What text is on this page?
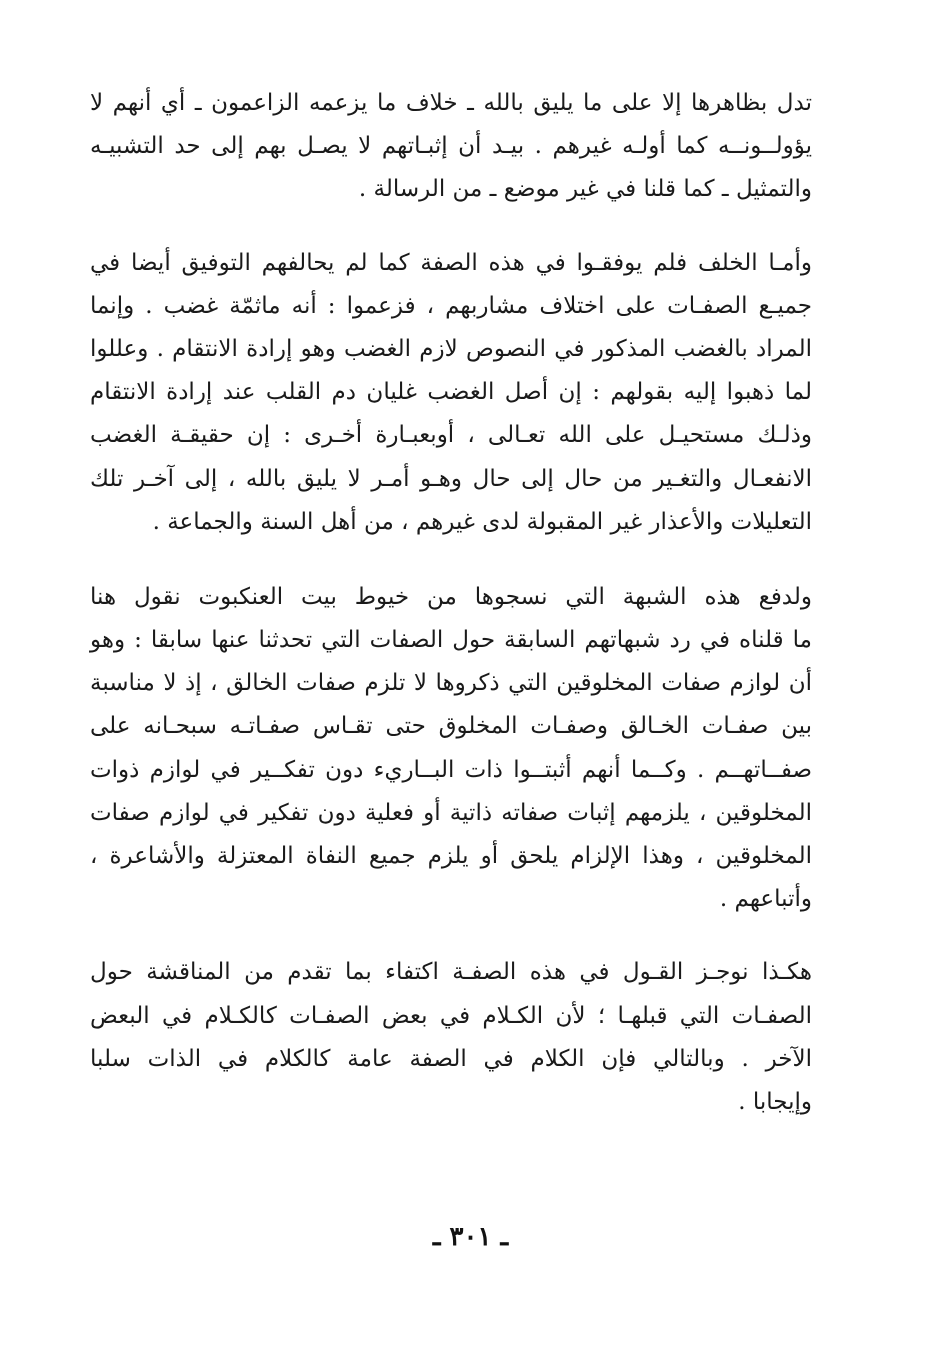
تدل بظاهرها إلا على ما يليق بالله ـ خلاف ما يزعمه الزاعمون ـ أي أنهم لا
يؤولــونــه كما أولـه غيرهم . بيـد أن إثبـاتهم لا يصـل بهم إلى حد التشبيـه
والتمثيل ـ كما قلنا في غير موضع ـ من الرسالة .

وأمـا الخلف فلم يوفقـوا في هذه الصفة كما لم يحالفهم التوفيق أيضا في
جميـع الصفـات على اختلاف مشاربهم ، فزعموا : أنه ماثمّة غضب . وإنما
المراد بالغضب المذكور في النصوص لازم الغضب وهو إرادة الانتقام . وعللوا
لما ذهبوا إليه بقولهم : إن أصل الغضب غليان دم القلب عند إرادة الانتقام
وذلـك مستحيـل على الله تعـالى ، أوبعبـارة أخـرى : إن حقيقـة الغضب
الانفعـال والتغـير من حال إلى حال وهـو أمـر لا يليق بالله ، إلى آخـر تلك
التعليلات والأعذار غير المقبولة لدى غيرهم ، من أهل السنة والجماعة .

ولدفع هذه الشبهة التي نسجوها من خيوط بيت العنكبوت نقول هنا
ما قلناه في رد شبهاتهم السابقة حول الصفات التي تحدثنا عنها سابقا : وهو
أن لوازم صفات المخلوقين التي ذكروها لا تلزم صفات الخالق ، إذ لا مناسبة
بين صفـات الخـالق وصفـات المخلوق حتى تقـاس صفـاتـه سبحـانه على
صفــاتهــم . وكــما أنهم أثبتــوا ذات البــاريء دون تفكــير في لوازم ذوات
المخلوقين ، يلزمهم إثبات صفاته ذاتية أو فعلية دون تفكير في لوازم صفات
المخلوقين ، وهذا الإلزام يلحق أو يلزم جميع النفاة المعتزلة والأشاعرة ،
وأتباعهم .

هكـذا نوجـز القـول في هذه الصفـة اكتفاء بما تقدم من المناقشة حول
الصفـات التي قبلهـا ؛ لأن الكـلام في بعض الصفـات كالكـلام في البعض
الآخر . وبالتالي فإن الكلام في الصفة عامة كالكلام في الذات سلبا
وإيجابا .

ـ ٣٠١ ـ
